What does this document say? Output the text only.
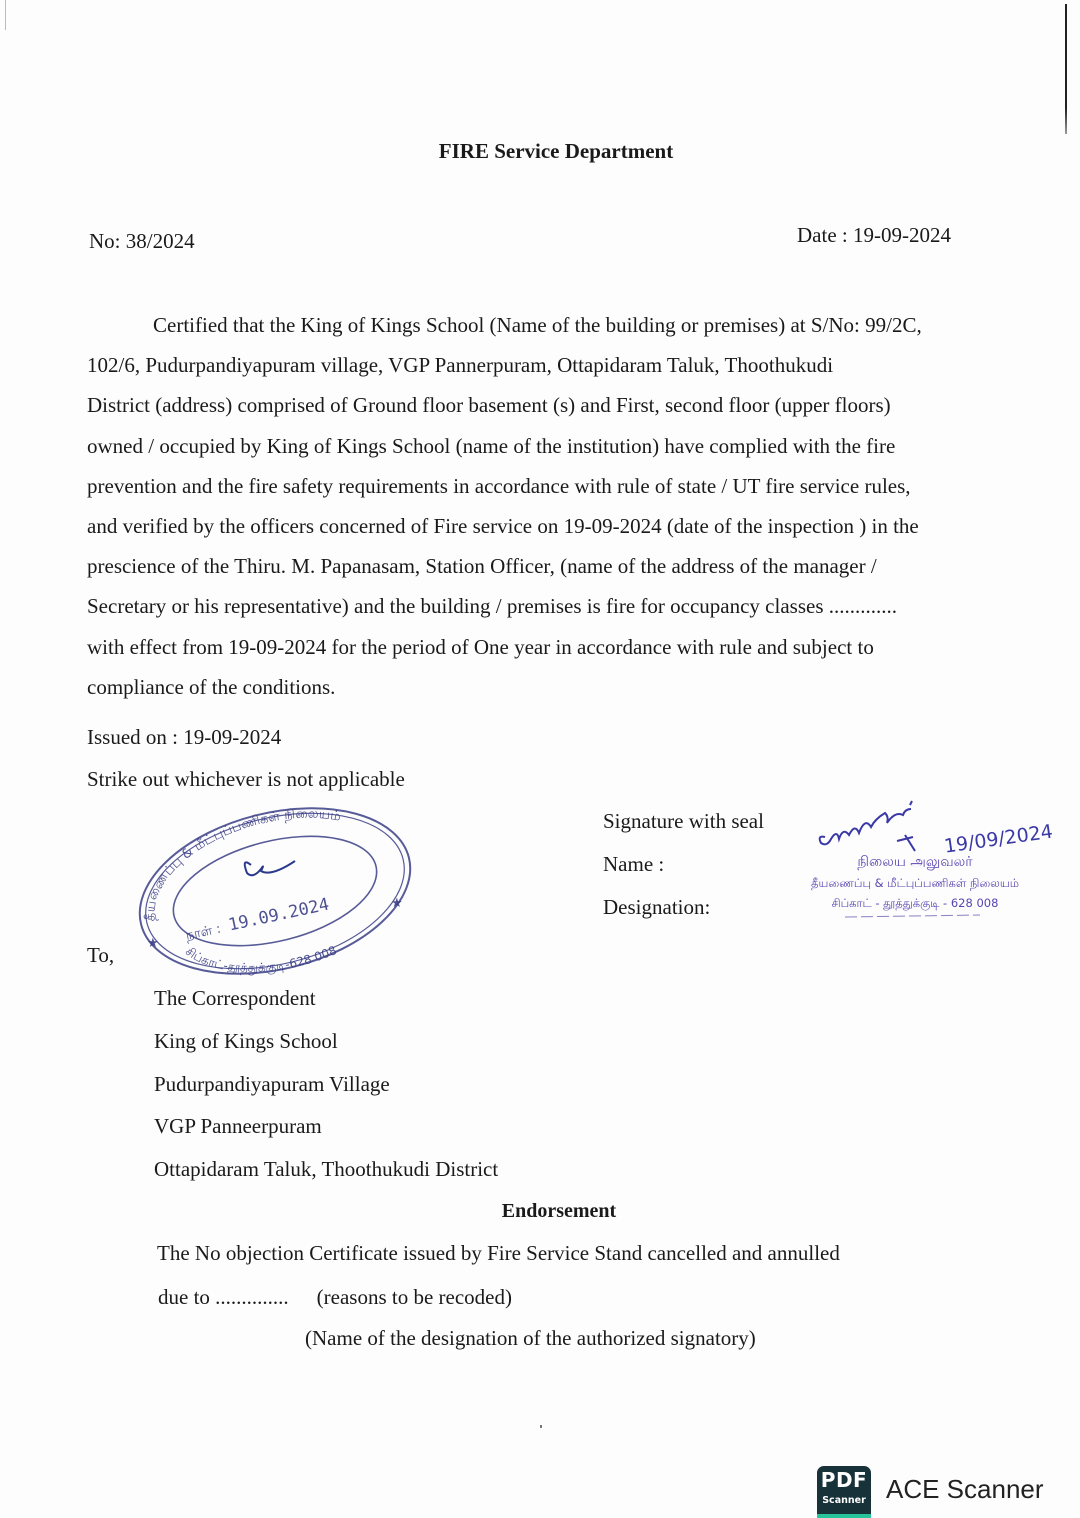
FIRE Service Department
No: 38/2024	Date : 19-09-2024
Certified that the King of Kings School (Name of the building or premises) at S/No: 99/2C,
102/6, Pudurpandiyapuram village, VGP Pannerpuram, Ottapidaram Taluk, Thoothukudi
District (address) comprised of Ground floor basement (s) and First, second floor (upper floors)
owned / occupied by King of Kings School (name of the institution) have complied with the fire
prevention and the fire safety requirements in accordance with rule of state / UT fire service rules,
and verified by the officers concerned of Fire service on 19-09-2024 (date of the inspection ) in the
prescience of the Thiru. M. Papanasam, Station Officer, (name of the address of the manager /
Secretary or his representative) and the building / premises is fire for occupancy classes .............
with effect from 19-09-2024 for the period of One year in accordance with rule and subject to
compliance of the conditions.
Issued on : 19-09-2024
Strike out whichever is not applicable
தீயணைப்பு & மீட்புப்பணிகள் நிலையம்
சிப்காட்-தூத்துக்குடி-628 008
★
★
நாள் : 19.09.2024
Signature with seal
Name :
Designation:
19/09/2024
நிலைய அலுவலர்
தீயணைப்பு & மீட்புப்பணிகள் நிலையம்
சிப்காட் - தூத்துக்குடி - 628 008
To,
The Correspondent
King of Kings School
Pudurpandiyapuram Village
VGP Panneerpuram
Ottapidaram Taluk, Thoothukudi District
Endorsement
The No objection Certificate issued by Fire Service Stand cancelled and annulled
due to .............. (reasons to be recoded)
(Name of the designation of the authorized signatory)
PDF
Scanner ACE Scanner
